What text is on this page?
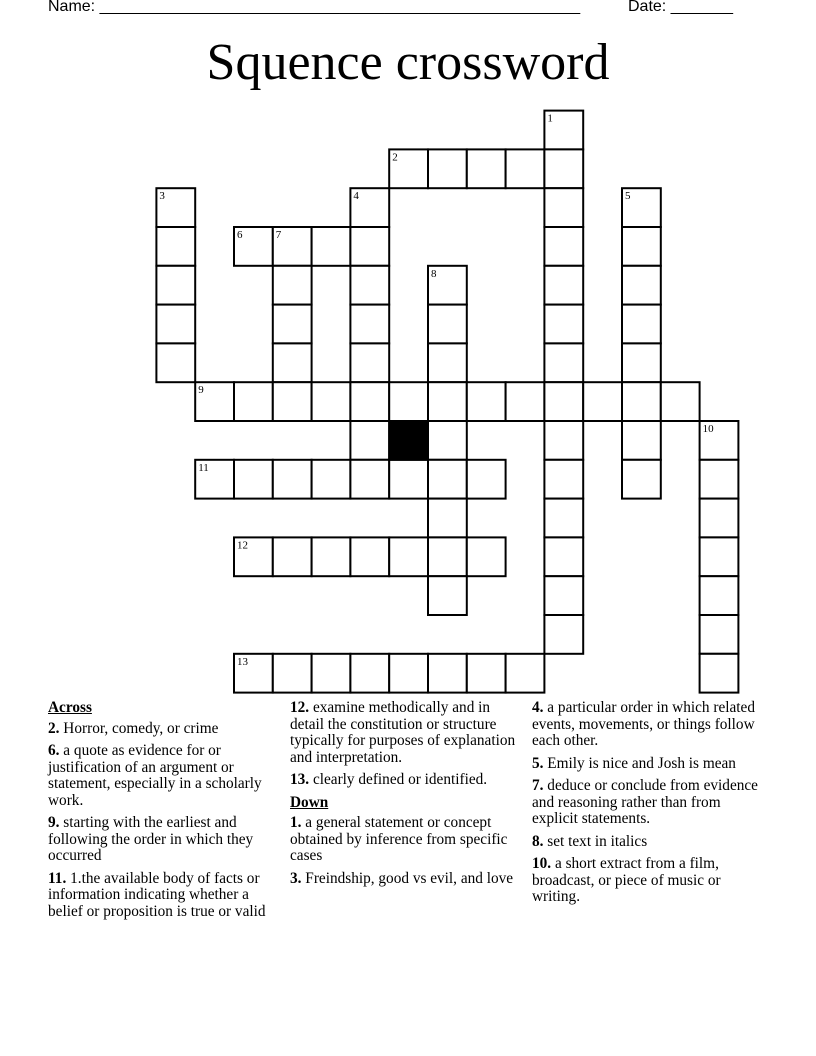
Name: ______________________________________________________	Date: _______
Squence crossword
1
2
3	4	5
6	7
8
9
10
11
12
13
Across
2. Horror, comedy, or crime
6. a quote as evidence for or justification of an argument or statement, especially in a scholarly work.
9. starting with the earliest and following the order in which they occurred
11. 1.the available body of facts or information indicating whether a belief or proposition is true or valid
12. examine methodically and in detail the constitution or structure typically for purposes of explanation and interpretation.
13. clearly defined or identified.
Down
1. a general statement or concept obtained by inference from specific cases
3. Freindship, good vs evil, and love
4. a particular order in which related events, movements, or things follow each other.
5. Emily is nice and Josh is mean
7. deduce or conclude from evidence and reasoning rather than from explicit statements.
8. set text in italics
10. a short extract from a film, broadcast, or piece of music or writing.
